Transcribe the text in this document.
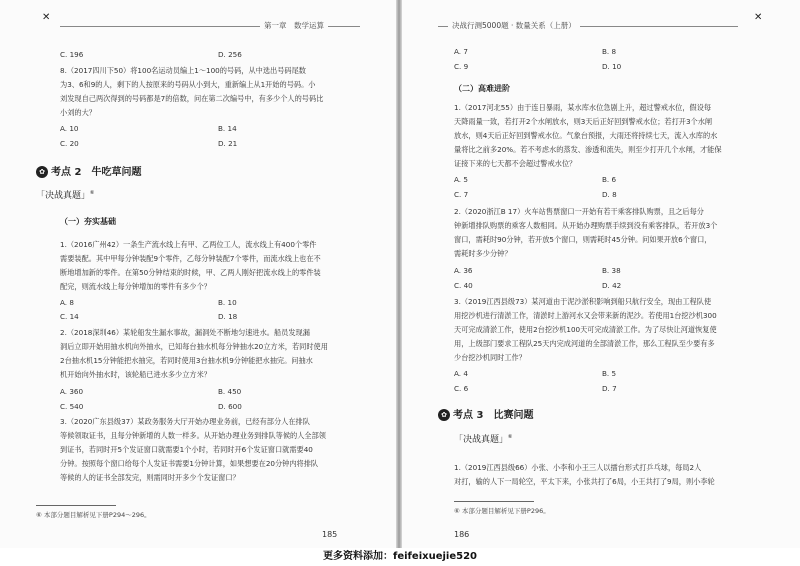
✕
第一章　数学运算
C. 196	D. 256
8.（2017四川下50）将100名运动员编上1～100的号码，从中选出号码尾数
为3、6和9的人，剩下的人按原来的号码从小到大，重新编上从1开始的号码。小
刘发现自己两次得到的号码都是7的倍数，问在第二次编号中，有多少个人的号码比
小刘的大？
A. 10	B. 14
C. 20	D. 21
✿ 考点 2　牛吃草问题
「决战真题」⑥
（一）夯实基础
1.（2016广州42）一条生产流水线上有甲、乙两位工人，流水线上有400个零件
需要装配。其中甲每分钟装配9个零件，乙每分钟装配7个零件，而流水线上也在不
断地增加新的零件。在第50分钟结束的时候，甲、乙两人刚好把流水线上的零件装
配完，则流水线上每分钟增加的零件有多少个？
A. 8	B. 10
C. 14	D. 18
2.（2018深圳46）某轮船发生漏水事故，漏洞处不断地匀速进水。船员发现漏
洞后立即开始用抽水机向外抽水，已知每台抽水机每分钟抽水20立方米，若同时使用
2台抽水机15分钟能把水抽完，若同时使用3台抽水机9分钟能把水抽完。问抽水
机开始向外抽水时，该轮船已进水多少立方米？
A. 360	B. 450
C. 540	D. 600
3.（2020广东县级37）某政务服务大厅开始办理业务前，已经有部分人在排队
等候领取证书，且每分钟新增的人数一样多。从开始办理业务到排队等候的人全部领
到证书，若同时开5个发证窗口就需要1个小时，若同时开6个发证窗口就需要40
分钟。按照每个窗口给每个人发证书需要1分钟计算，如果想要在20分钟内将排队
等候的人的证书全部发完，则需同时开多少个发证窗口？
⑥ 本部分题目解析见下册P294～296。
185
决战行测5000题 · 数量关系（上册）
✕
A. 7	B. 8
C. 9	D. 10
（二）高难进阶
1.（2017河北55）由于连日暴雨，某水库水位急剧上升，超过警戒水位，假设每
天降雨量一致，若打开2个水闸放水，则3天后正好回到警戒水位；若打开3个水闸
放水，则4天后正好回到警戒水位。气象台预报，大雨还将持续七天，流入水库的水
量将比之前多20%。若不考虑水的蒸发、渗透和流失，则至少打开几个水闸，才能保
证接下来的七天都不会超过警戒水位？
A. 5	B. 6
C. 7	D. 8
2.（2020浙江B 17）火车站售票窗口一开始有若干乘客排队购票，且之后每分
钟新增排队购票的乘客人数相同。从开始办理购票手续到没有乘客排队，若开放3个
窗口，需耗时90分钟，若开放5个窗口，则需耗时45分钟。问如果开放6个窗口，
需耗时多少分钟？
A. 36	B. 38
C. 40	D. 42
3.（2019江西县级73）某河道由于泥沙淤积影响到船只航行安全，现由工程队使
用挖沙机进行清淤工作，清淤时上游河水又会带来新的泥沙。若使用1台挖沙机300
天可完成清淤工作，使用2台挖沙机100天可完成清淤工作。为了尽快让河道恢复使
用，上级部门要求工程队25天内完成河道的全部清淤工作，那么工程队至少要有多
少台挖沙机同时工作？
A. 4	B. 5
C. 6	D. 7
✿ 考点 3　比赛问题
「决战真题」⑥
1.（2019江西县级66）小张、小李和小王三人以擂台形式打乒乓球，每局2人
对打，输的人下一局轮空，平太下来，小张共打了6局，小王共打了9局，则小李轮
⑥ 本部分题目解析见下册P296。
186
更多资料添加：feifeixuejie520
